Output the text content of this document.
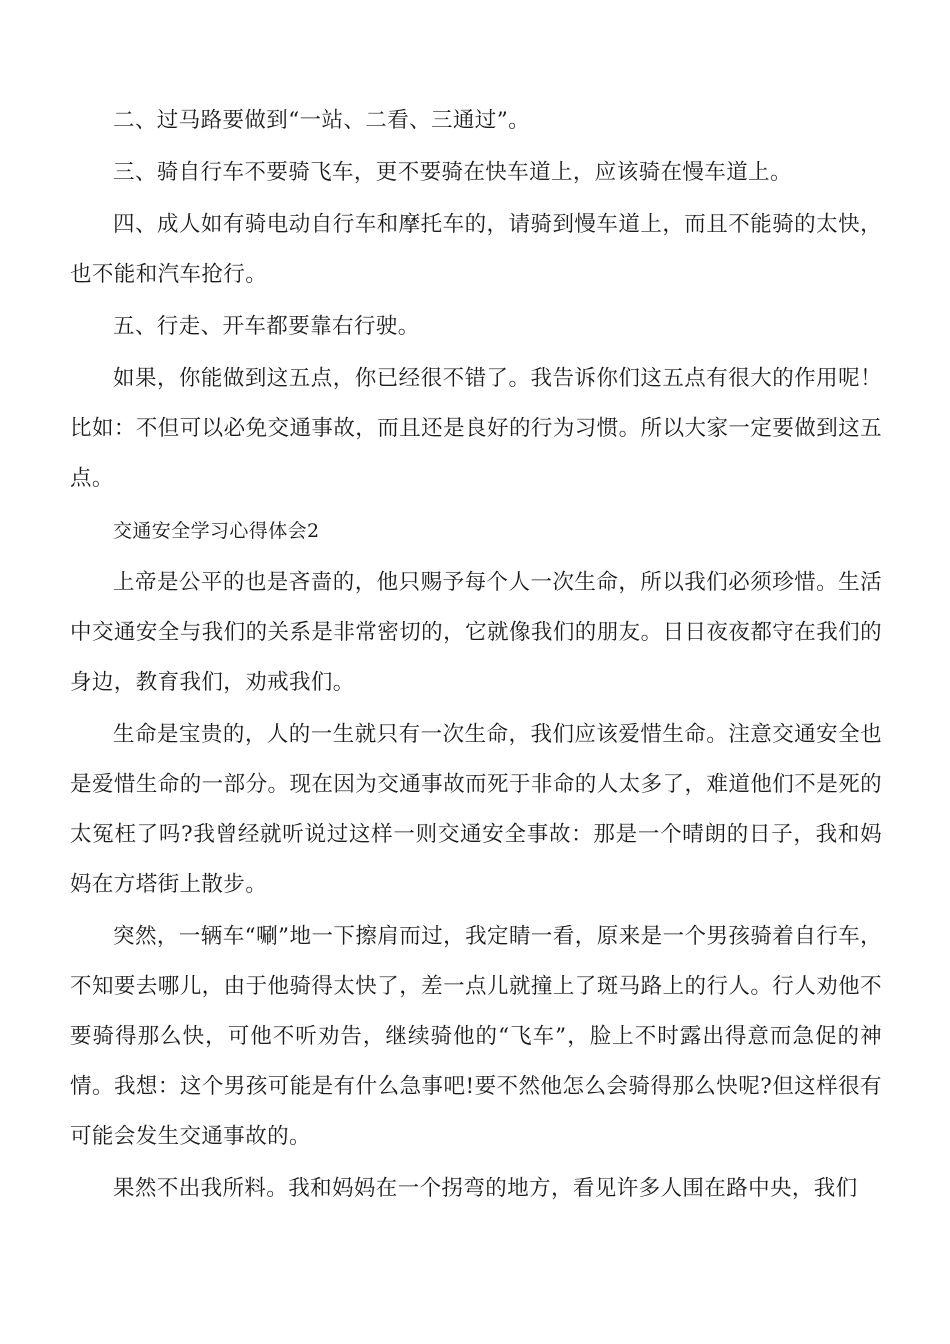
二、过马路要做到“一站、二看、三通过”。

三、骑自行车不要骑飞车，更不要骑在快车道上，应该骑在慢车道上。

四、成人如有骑电动自行车和摩托车的，请骑到慢车道上，而且不能骑的太快，也不能和汽车抢行。

五、行走、开车都要靠右行驶。

如果，你能做到这五点，你已经很不错了。我告诉你们这五点有很大的作用呢！比如：不但可以必免交通事故，而且还是良好的行为习惯。所以大家一定要做到这五点。

交通安全学习心得体会2

上帝是公平的也是吝啬的，他只赐予每个人一次生命，所以我们必须珍惜。生活中交通安全与我们的关系是非常密切的，它就像我们的朋友。日日夜夜都守在我们的身边，教育我们，劝戒我们。

生命是宝贵的，人的一生就只有一次生命，我们应该爱惜生命。注意交通安全也是爱惜生命的一部分。现在因为交通事故而死于非命的人太多了，难道他们不是死的太冤枉了吗?我曾经就听说过这样一则交通安全事故：那是一个晴朗的日子，我和妈妈在方塔街上散步。

突然，一辆车“唰”地一下擦肩而过，我定睛一看，原来是一个男孩骑着自行车，不知要去哪儿，由于他骑得太快了，差一点儿就撞上了斑马路上的行人。行人劝他不要骑得那么快，可他不听劝告，继续骑他的“飞车”，脸上不时露出得意而急促的神情。我想：这个男孩可能是有什么急事吧!要不然他怎么会骑得那么快呢?但这样很有可能会发生交通事故的。

果然不出我所料。我和妈妈在一个拐弯的地方，看见许多人围在路中央，我们
